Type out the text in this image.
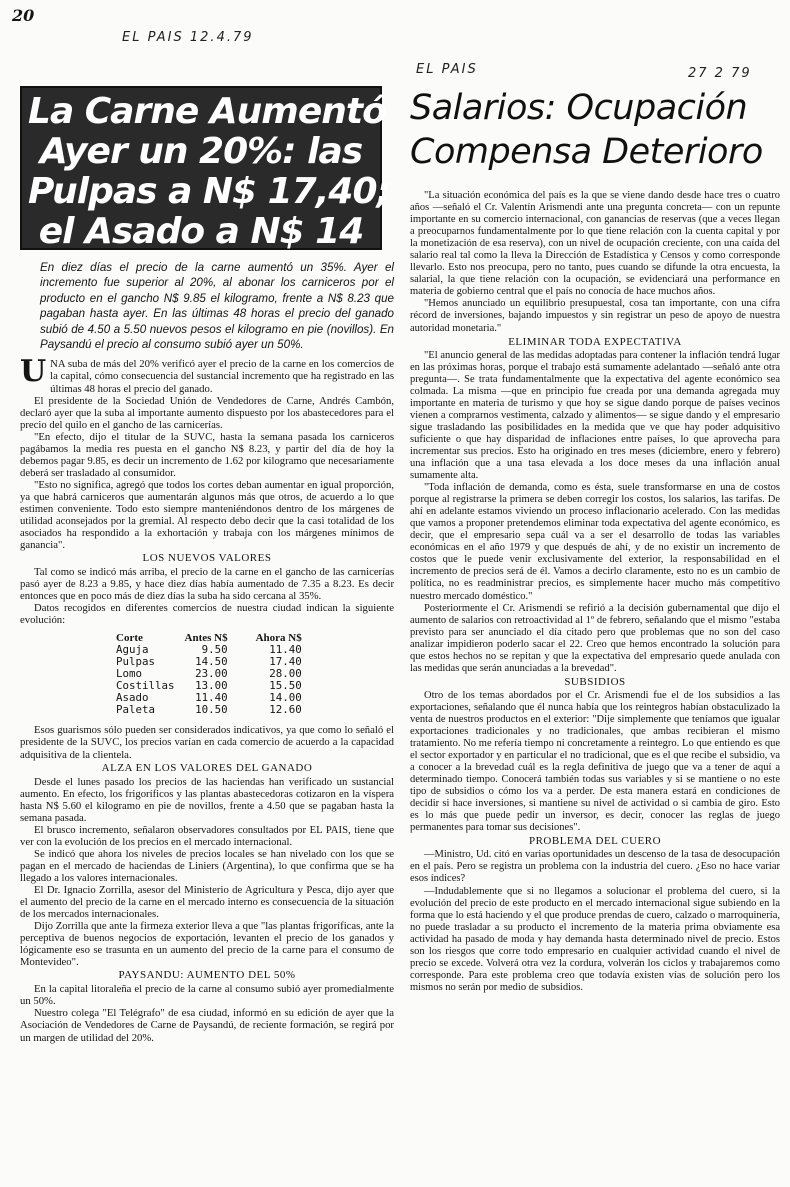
20
EL PAIS 12.4.79
EL PAIS	27 2 79
La Carne Aumentó
Ayer un 20%: las
Pulpas a N$ 17,40;
el Asado a N$ 14
En diez días el precio de la carne aumentó un 35%. Ayer el incremento fue superior al 20%, al abonar los carniceros por el producto en el gancho N$ 9.85 el kilogramo, frente a N$ 8.23 que pagaban hasta ayer. En las últimas 48 horas el precio del ganado subió de 4.50 a 5.50 nuevos pesos el kilogramo en pie (novillos). En Paysandú el precio al consumo subió ayer un 50%.

UNA suba de más del 20% verificó ayer el precio de la carne en los comercios de la capital, cómo consecuencia del sustancial incremento que ha registrado en las últimas 48 horas el precio del ganado.

El presidente de la Sociedad Unión de Vendedores de Carne, Andrés Cambón, declaró ayer que la suba al importante aumento dispuesto por los abastecedores para el precio del quilo en el gancho de las carnicerías.

"En efecto, dijo el titular de la SUVC, hasta la semana pasada los carniceros pagábamos la media res puesta en el gancho N$ 8.23, y partir del día de hoy la debemos pagar 9.85, es decir un incremento de 1.62 por kilogramo que necesariamente deberá ser trasladado al consumidor.

"Esto no significa, agregó que todos los cortes deban aumentar en igual proporción, ya que habrá carniceros que aumentarán algunos más que otros, de acuerdo a lo que estimen conveniente. Todo esto siempre manteniéndonos dentro de los márgenes de utilidad aconsejados por la gremial. Al respecto debo decir que la casi totalidad de los asociados ha respondido a la exhortación y trabaja con los márgenes mínimos de ganancia".

LOS NUEVOS VALORES

Tal como se indicó más arriba, el precio de la carne en el gancho de las carnicerías pasó ayer de 8.23 a 9.85, y hace diez días había aumentado de 7.35 a 8.23. Es decir entonces que en poco más de diez días la suba ha sido cercana al 35%.

Datos recogidos en diferentes comercios de nuestra ciudad indican la siguiente evolución:

Corte	Antes N$	Ahora N$
Aguja	9.50	11.40
Pulpas	14.50	17.40
Lomo	23.00	28.00
Costillas	13.00	15.50
Asado	11.40	14.00
Paleta	10.50	12.60

Esos guarismos sólo pueden ser considerados indicativos, ya que como lo señaló el presidente de la SUVC, los precios varían en cada comercio de acuerdo a la capacidad adquisitiva de la clientela.

ALZA EN LOS VALORES DEL GANADO

Desde el lunes pasado los precios de las haciendas han verificado un sustancial aumento. En efecto, los frigoríficos y las plantas abastecedoras cotizaron en la víspera hasta N$ 5.60 el kilogramo en pie de novillos, frente a 4.50 que se pagaban hasta la semana pasada.

El brusco incremento, señalaron observadores consultados por EL PAIS, tiene que ver con la evolución de los precios en el mercado internacional.

Se indicó que ahora los niveles de precios locales se han nivelado con los que se pagan en el mercado de haciendas de Liniers (Argentina), lo que confirma que se ha llegado a los valores internacionales.

El Dr. Ignacio Zorrilla, asesor del Ministerio de Agricultura y Pesca, dijo ayer que el aumento del precio de la carne en el mercado interno es consecuencia de la situación de los mercados internacionales.

Dijo Zorrilla que ante la firmeza exterior lleva a que "las plantas frigoríficas, ante la perceptiva de buenos negocios de exportación, levanten el precio de los ganados y lógicamente eso se trasunta en un aumento del precio de la carne para el consumo de Montevideo".

PAYSANDU: AUMENTO DEL 50%

En la capital litoraleña el precio de la carne al consumo subió ayer promedialmente un 50%.

Nuestro colega "El Telégrafo" de esa ciudad, informó en su edición de ayer que la Asociación de Vendedores de Carne de Paysandú, de reciente formación, se regirá por un margen de utilidad del 20%.

Salarios: Ocupación
Compensa Deterioro

"La situación económica del país es la que se viene dando desde hace tres o cuatro años —señaló el Cr. Valentín Arismendi ante una pregunta concreta— con un repunte importante en su comercio internacional, con ganancias de reservas (que a veces llegan a preocuparnos fundamentalmente por lo que tiene relación con la cuenta capital y por la monetización de esa reserva), con un nivel de ocupación creciente, con una caída del salario real tal como la lleva la Dirección de Estadística y Censos y como corresponde llevarlo. Esto nos preocupa, pero no tanto, pues cuando se difunde la otra encuesta, la salarial, la que tiene relación con la ocupación, se evidenciará una performance en materia de gobierno central que el país no conocía de hace muchos años.

"Hemos anunciado un equilibrio presupuestal, cosa tan importante, con una cifra récord de inversiones, bajando impuestos y sin registrar un peso de apoyo de nuestra autoridad monetaria."

ELIMINAR TODA EXPECTATIVA

"El anuncio general de las medidas adoptadas para contener la inflación tendrá lugar en las próximas horas, porque el trabajo está sumamente adelantado —señaló ante otra pregunta—. Se trata fundamentalmente que la expectativa del agente económico sea colmada. La misma —que en principio fue creada por una demanda agregada muy importante en materia de turismo y que hoy se sigue dando porque de países vecinos vienen a comprarnos vestimenta, calzado y alimentos— se sigue dando y el empresario sigue trasladando las posibilidades en la medida que ve que hay poder adquisitivo suficiente o que hay disparidad de inflaciones entre países, lo que aprovecha para incrementar sus precios. Esto ha originado en tres meses (diciembre, enero y febrero) una inflación que a una tasa elevada a los doce meses da una inflación anual sumamente alta.

"Toda inflación de demanda, como es ésta, suele transformarse en una de costos porque al registrarse la primera se deben corregir los costos, los salarios, las tarifas. De ahí en adelante estamos viviendo un proceso inflacionario acelerado. Con las medidas que vamos a proponer pretendemos eliminar toda expectativa del agente económico, es decir, que el empresario sepa cuál va a ser el desarrollo de todas las variables económicas en el año 1979 y que después de ahí, y de no existir un incremento de costos que le puede venir exclusivamente del exterior, la responsabilidad en el incremento de precios será de él. Vamos a decirlo claramente, esto no es un cambio de política, no es readministrar precios, es simplemente hacer mucho más competitivo nuestro mercado doméstico."

Posteriormente el Cr. Arismendi se refirió a la decisión gubernamental que dijo el aumento de salarios con retroactividad al 1º de febrero, señalando que el mismo "estaba previsto para ser anunciado el día citado pero que problemas que no son del caso analizar impidieron poderlo sacar el 22. Creo que hemos encontrado la solución para que estos hechos no se repitan y que la expectativa del empresario quede anulada con las medidas que serán anunciadas a la brevedad".

SUBSIDIOS

Otro de los temas abordados por el Cr. Arismendi fue el de los subsidios a las exportaciones, señalando que él nunca había que los reintegros habían obstaculizado la venta de nuestros productos en el exterior: "Dije simplemente que teníamos que igualar exportaciones tradicionales y no tradicionales, que ambas recibieran el mismo tratamiento. No me refería tiempo ni concretamente a reintegro. Lo que entiendo es que el sector exportador y en particular el no tradicional, que es el que recibe el subsidio, va a conocer a la brevedad cuál es la regla definitiva de juego que va a tener de aquí a determinado tiempo. Conocerá también todas sus variables y si se mantiene o no este tipo de subsidios o cómo los va a perder. De esta manera estará en condiciones de decidir si hace inversiones, si mantiene su nivel de actividad o si cambia de giro. Esto es lo más que puede pedir un inversor, es decir, conocer las reglas de juego permanentes para tomar sus decisiones".

PROBLEMA DEL CUERO

—Ministro, Ud. citó en varias oportunidades un descenso de la tasa de desocupación en el país. Pero se registra un problema con la industria del cuero. ¿Eso no hace variar esos índices?

—Indudablemente que si no llegamos a solucionar el problema del cuero, si la evolución del precio de este producto en el mercado internacional sigue subiendo en la forma que lo está haciendo y el que produce prendas de cuero, calzado o marroquinería, no puede trasladar a su producto el incremento de la materia prima obviamente esa actividad ha pasado de moda y hay demanda hasta determinado nivel de precio. Estos son los riesgos que corre todo empresario en cualquier actividad cuando el nivel de precio se excede. Volverá otra vez la cordura, volverán los ciclos y trabajaremos como corresponde. Para este problema creo que todavía existen vías de solución pero los mismos no serán por medio de subsidios.
